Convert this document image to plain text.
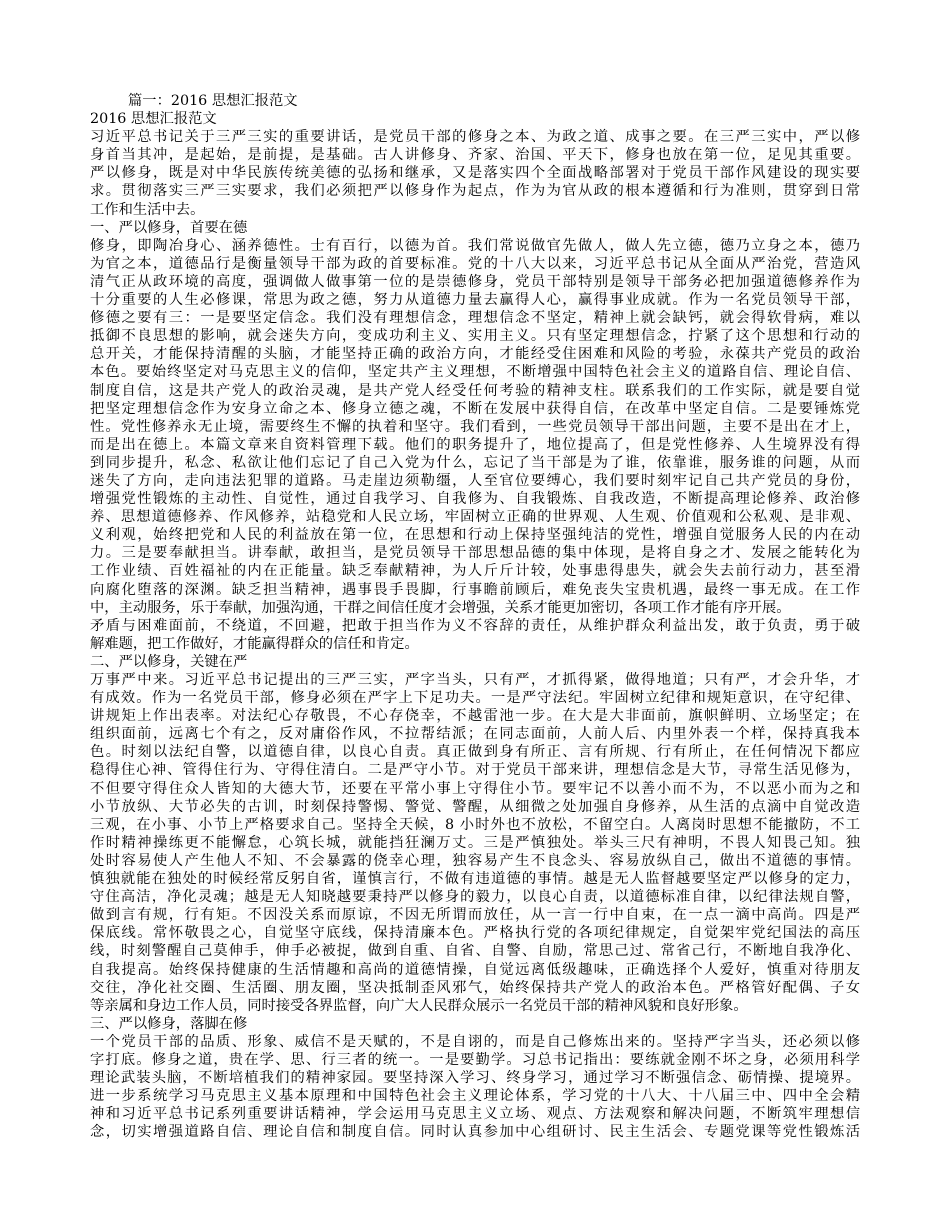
篇一：2016 思想汇报范文
2016 思想汇报范文
习近平总书记关于三严三实的重要讲话，是党员干部的修身之本、为政之道、成事之要。在三严三实中，严以修
身首当其冲，是起始，是前提，是基础。古人讲修身、齐家、治国、平天下，修身也放在第一位，足见其重要。
严以修身，既是对中华民族传统美德的弘扬和继承，又是落实四个全面战略部署对于党员干部作风建设的现实要
求。贯彻落实三严三实要求，我们必须把严以修身作为起点，作为为官从政的根本遵循和行为准则，贯穿到日常
工作和生活中去。
一、严以修身，首要在德
修身，即陶冶身心、涵养德性。士有百行，以德为首。我们常说做官先做人，做人先立德，德乃立身之本，德乃
为官之本，道德品行是衡量领导干部为政的首要标准。党的十八大以来，习近平总书记从全面从严治党，营造风
清气正从政环境的高度，强调做人做事第一位的是崇德修身，党员干部特别是领导干部务必把加强道德修养作为
十分重要的人生必修课，常思为政之德，努力从道德力量去赢得人心，赢得事业成就。作为一名党员领导干部，
修德之要有三：一是要坚定信念。我们没有理想信念，理想信念不坚定，精神上就会缺钙，就会得软骨病，难以
抵御不良思想的影响，就会迷失方向，变成功利主义、实用主义。只有坚定理想信念，拧紧了这个思想和行动的
总开关，才能保持清醒的头脑，才能坚持正确的政治方向，才能经受住困难和风险的考验，永葆共产党员的政治
本色。要始终坚定对马克思主义的信仰，坚定共产主义理想，不断增强中国特色社会主义的道路自信、理论自信、
制度自信，这是共产党人的政治灵魂，是共产党人经受任何考验的精神支柱。联系我们的工作实际，就是要自觉
把坚定理想信念作为安身立命之本、修身立德之魂，不断在发展中获得自信，在改革中坚定自信。二是要锤炼党
性。党性修养永无止境，需要终生不懈的执着和坚守。我们看到，一些党员领导干部出问题，主要不是出在才上，
而是出在德上。本篇文章来自资料管理下载。他们的职务提升了，地位提高了，但是党性修养、人生境界没有得
到同步提升，私念、私欲让他们忘记了自己入党为什么，忘记了当干部是为了谁，依靠谁，服务谁的问题，从而
迷失了方向，走向违法犯罪的道路。马走崖边须勒缰，人至官位要缚心，我们要时刻牢记自己共产党员的身份，
增强党性锻炼的主动性、自觉性，通过自我学习、自我修为、自我锻炼、自我改造，不断提高理论修养、政治修
养、思想道德修养、作风修养，站稳党和人民立场，牢固树立正确的世界观、人生观、价值观和公私观、是非观、
义利观，始终把党和人民的利益放在第一位，在思想和行动上保持坚强纯洁的党性，增强自觉服务人民的内在动
力。三是要奉献担当。讲奉献，敢担当，是党员领导干部思想品德的集中体现，是将自身之才、发展之能转化为
工作业绩、百姓福祉的内在正能量。缺乏奉献精神，为人斤斤计较，处事患得患失，就会失去前行动力，甚至滑
向腐化堕落的深渊。缺乏担当精神，遇事畏手畏脚，行事瞻前顾后，难免丧失宝贵机遇，最终一事无成。在工作
中，主动服务，乐于奉献，加强沟通，干群之间信任度才会增强，关系才能更加密切，各项工作才能有序开展。
矛盾与困难面前，不绕道，不回避，把敢于担当作为义不容辞的责任，从维护群众利益出发，敢于负责，勇于破
解难题，把工作做好，才能赢得群众的信任和肯定。
二、严以修身，关键在严
万事严中来。习近平总书记提出的三严三实，严字当头，只有严，才抓得紧，做得地道；只有严，才会升华，才
有成效。作为一名党员干部，修身必须在严字上下足功夫。一是严守法纪。牢固树立纪律和规矩意识，在守纪律、
讲规矩上作出表率。对法纪心存敬畏，不心存侥幸，不越雷池一步。在大是大非面前，旗帜鲜明、立场坚定；在
组织面前，远离七个有之，反对庸俗作风，不拉帮结派；在同志面前，人前人后、内里外表一个样，保持真我本
色。时刻以法纪自警，以道德自律，以良心自责。真正做到身有所正、言有所规、行有所止，在任何情况下都应
稳得住心神、管得住行为、守得住清白。二是严守小节。对于党员干部来讲，理想信念是大节，寻常生活见修为，
不但要守得住众人皆知的大德大节，还要在平常小事上守得住小节。要牢记不以善小而不为，不以恶小而为之和
小节放纵、大节必失的古训，时刻保持警惕、警觉、警醒，从细微之处加强自身修养，从生活的点滴中自觉改造
三观，在小事、小节上严格要求自己。坚持全天候，8 小时外也不放松，不留空白。人离岗时思想不能撤防，不工
作时精神操练更不能懈怠，心筑长城，就能挡狂澜万丈。三是严慎独处。举头三尺有神明，不畏人知畏己知。独
处时容易使人产生他人不知、不会暴露的侥幸心理，独容易产生不良念头、容易放纵自己，做出不道德的事情。
慎独就能在独处的时候经常反躬自省，谨慎言行，不做有违道德的事情。越是无人监督越要坚定严以修身的定力，
守住高洁，净化灵魂；越是无人知晓越要秉持严以修身的毅力，以良心自责，以道德标准自律，以纪律法规自警，
做到言有规，行有矩。不因没关系而原谅，不因无所谓而放任，从一言一行中自束，在一点一滴中高尚。四是严
保底线。常怀敬畏之心，自觉坚守底线，保持清廉本色。严格执行党的各项纪律规定，自觉架牢党纪国法的高压
线，时刻警醒自己莫伸手，伸手必被捉，做到自重、自省、自警、自励，常思己过、常省己行，不断地自我净化、
自我提高。始终保持健康的生活情趣和高尚的道德情操，自觉远离低级趣味，正确选择个人爱好，慎重对待朋友
交往，净化社交圈、生活圈、朋友圈，坚决抵制歪风邪气，始终保持共产党人的政治本色。严格管好配偶、子女
等亲属和身边工作人员，同时接受各界监督，向广大人民群众展示一名党员干部的精神风貌和良好形象。
三、严以修身，落脚在修
一个党员干部的品质、形象、威信不是天赋的，不是自诩的，而是自己修炼出来的。坚持严字当头，还必须以修
字打底。修身之道，贵在学、思、行三者的统一。一是要勤学。习总书记指出：要练就金刚不坏之身，必须用科学
理论武装头脑，不断培植我们的精神家园。要坚持深入学习、终身学习，通过学习不断强信念、砺情操、提境界。
进一步系统学习马克思主义基本原理和中国特色社会主义理论体系，学习党的十八大、十八届三中、四中全会精
神和习近平总书记系列重要讲话精神，学会运用马克思主义立场、观点、方法观察和解决问题，不断筑牢理想信
念，切实增强道路自信、理论自信和制度自信。同时认真参加中心组研讨、民主生活会、专题党课等党性锻炼活
